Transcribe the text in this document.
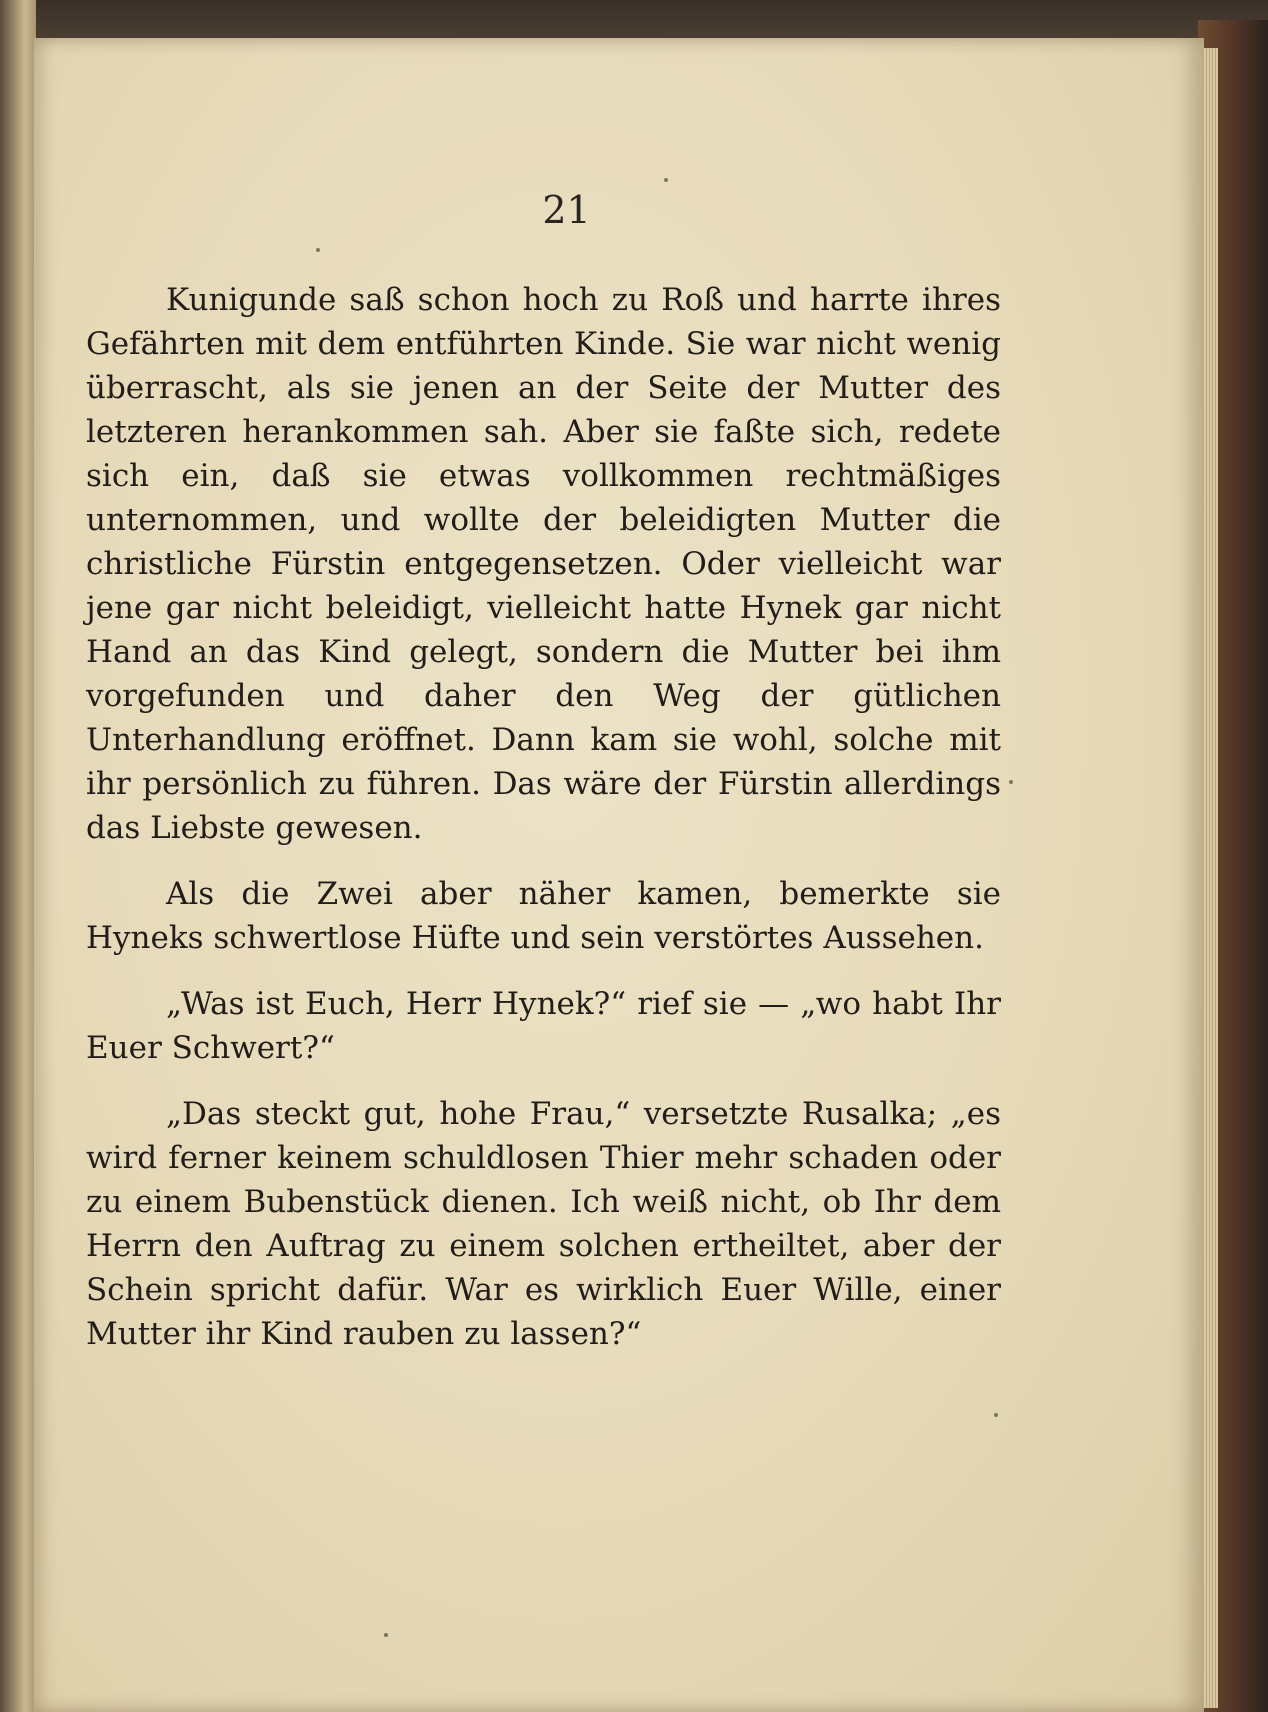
21

Kunigunde saß schon hoch zu Roß und harrte ihres Gefährten mit dem entführten Kinde. Sie war nicht wenig überrascht, als sie jenen an der Seite der Mutter des letzteren herankommen sah. Aber sie faßte sich, redete sich ein, daß sie etwas vollkommen rechtmäßiges unternommen, und wollte der beleidigten Mutter die christliche Fürstin entgegensetzen. Oder vielleicht war jene gar nicht beleidigt, vielleicht hatte Hynek gar nicht Hand an das Kind gelegt, sondern die Mutter bei ihm vorgefunden und daher den Weg der gütlichen Unterhandlung eröffnet. Dann kam sie wohl, solche mit ihr persönlich zu führen. Das wäre der Fürstin allerdings das Liebste gewesen.

Als die Zwei aber näher kamen, bemerkte sie Hyneks schwertlose Hüfte und sein verstörtes Aussehen.

„Was ist Euch, Herr Hynek?“ rief sie — „wo habt Ihr Euer Schwert?“

„Das steckt gut, hohe Frau,“ versetzte Rusalka; „es wird ferner keinem schuldlosen Thier mehr schaden oder zu einem Bubenstück dienen. Ich weiß nicht, ob Ihr dem Herrn den Auftrag zu einem solchen ertheiltet, aber der Schein spricht dafür. War es wirklich Euer Wille, einer Mutter ihr Kind rauben zu lassen?“
